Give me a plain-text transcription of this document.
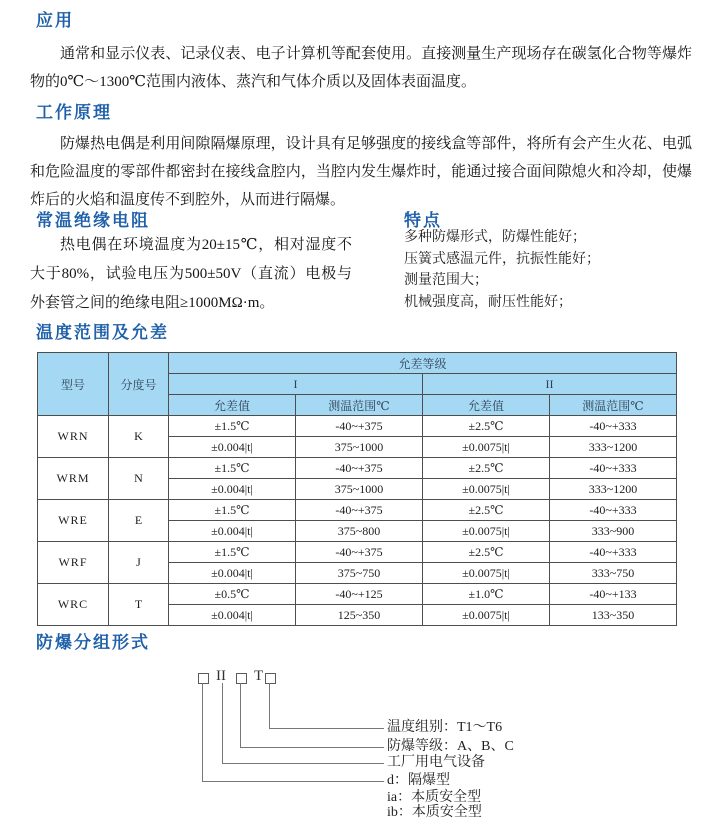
应用

通常和显示仪表、记录仪表、电子计算机等配套使用。直接测量生产现场存在碳氢化合物等爆炸物的0℃～1300℃范围内液体、蒸汽和气体介质以及固体表面温度。

工作原理

防爆热电偶是利用间隙隔爆原理，设计具有足够强度的接线盒等部件，将所有会产生火花、电弧和危险温度的零部件都密封在接线盒腔内，当腔内发生爆炸时，能通过接合面间隙熄火和冷却，使爆炸后的火焰和温度传不到腔外，从而进行隔爆。

常温绝缘电阻

热电偶在环境温度为20±15℃，相对湿度不大于80%，试验电压为500±50V（直流）电极与外套管之间的绝缘电阻≥1000MΩ·m。

特点
多种防爆形式，防爆性能好；
压簧式感温元件，抗振性能好；
测量范围大；
机械强度高，耐压性能好；
温度范围及允差
型号	分度号	允差等级			
		I		II	
		允差值	测温范围℃	允差值	测温范围℃
WRN	K	±1.5℃	-40~+375	±2.5℃	-40~+333
		±0.004|t|	375~1000	±0.0075|t|	333~1200
WRM	N	±1.5℃	-40~+375	±2.5℃	-40~+333
		±0.004|t|	375~1000	±0.0075|t|	333~1200
WRE	E	±1.5℃	-40~+375	±2.5℃	-40~+333
		±0.004|t|	375~800	±0.0075|t|	333~900
WRF	J	±1.5℃	-40~+375	±2.5℃	-40~+333
		±0.004|t|	375~750	±0.0075|t|	333~750
WRC	T	±0.5℃	-40~+125	±1.0℃	-40~+133
		±0.004|t|	125~350	±0.0075|t|	133~350
防爆分组形式
II T
温度组别：T1～T6
防爆等级：A、B、C
工厂用电气设备
d：隔爆型
ia：本质安全型
ib：本质安全型
